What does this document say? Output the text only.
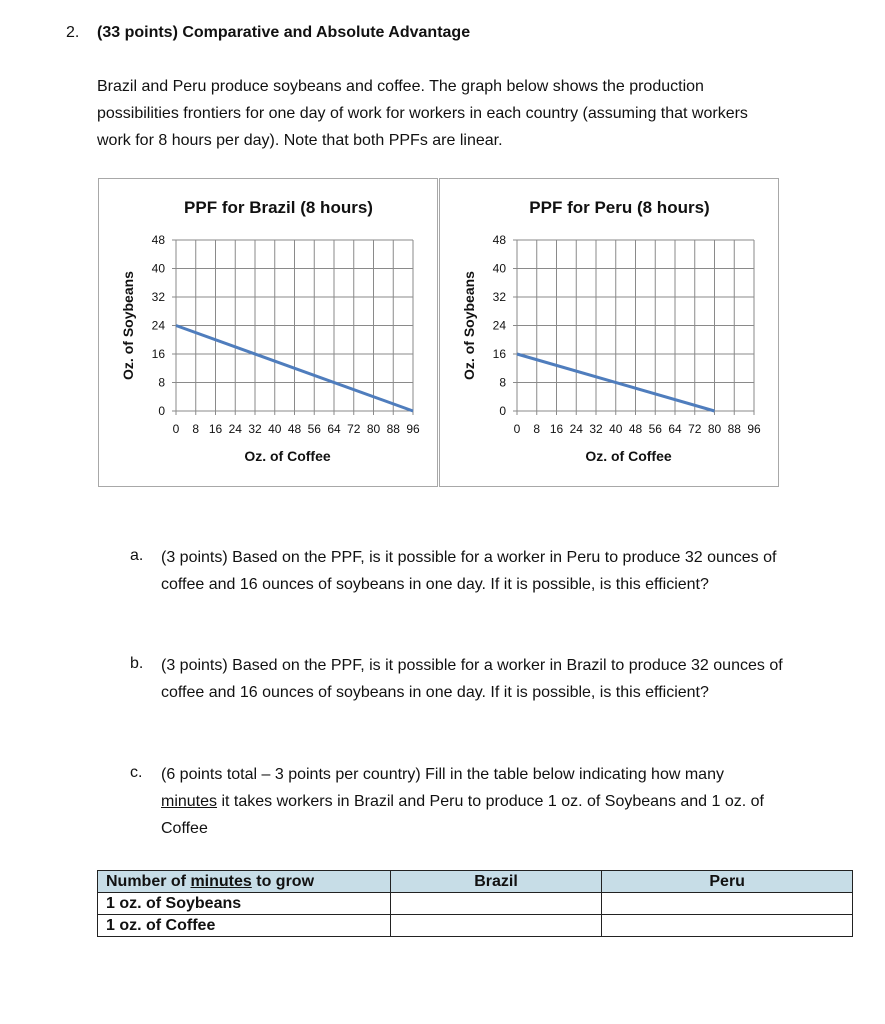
2. (33 points) Comparative and Absolute Advantage
Brazil and Peru produce soybeans and coffee. The graph below shows the production
possibilities frontiers for one day of work for workers in each country (assuming that workers
work for 8 hours per day). Note that both PPFs are linear.
PPF for Brazil (8 hours)
0
8
16
24
32
40
48
0 8 16 24 32 40 48 56 64 72 80 88 96
Oz. of Coffee
Oz. of Soybeans
PPF for Peru (8 hours)
0
8
16
24
32
40
48
0 8 16 24 32 40 48 56 64 72 80 88 96
Oz. of Coffee
Oz. of Soybeans
a. (3 points) Based on the PPF, is it possible for a worker in Peru to produce 32 ounces of
coffee and 16 ounces of soybeans in one day. If it is possible, is this efficient?
b. (3 points) Based on the PPF, is it possible for a worker in Brazil to produce 32 ounces of
coffee and 16 ounces of soybeans in one day. If it is possible, is this efficient?
c. (6 points total – 3 points per country) Fill in the table below indicating how many
minutes it takes workers in Brazil and Peru to produce 1 oz. of Soybeans and 1 oz. of
Coffee
Number of minutes to grow	Brazil	Peru
1 oz. of Soybeans		
1 oz. of Coffee		
